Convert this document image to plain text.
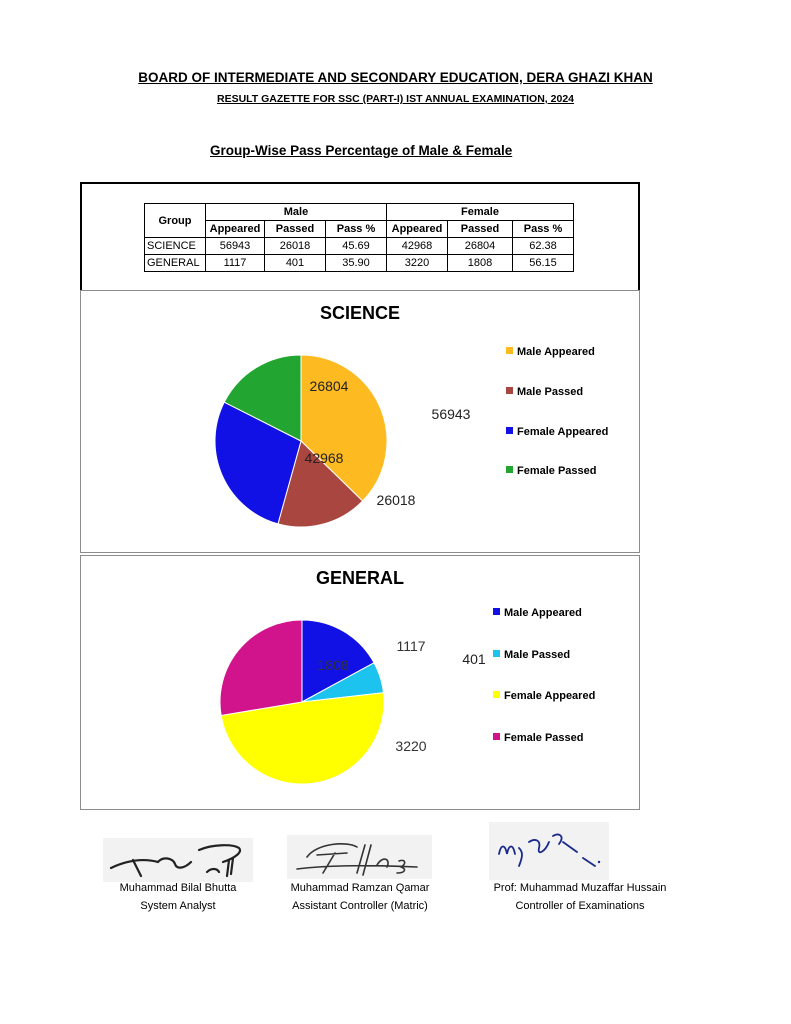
BOARD OF INTERMEDIATE AND SECONDARY EDUCATION, DERA GHAZI KHAN
RESULT GAZETTE FOR SSC (PART-I) IST ANNUAL EXAMINATION, 2024
Group-Wise Pass Percentage of Male & Female
Group	Male			Female		
	Appeared	Passed	Pass %	Appeared	Passed	Pass %
SCIENCE	56943	26018	45.69	42968	26804	62.38
GENERAL	1117	401	35.90	3220	1808	56.15
SCIENCE
56943
26018
42968
26804
Male Appeared
Male Passed
Female Appeared
Female Passed
GENERAL
1117
401
3220
1808
Male Appeared
Male Passed
Female Appeared
Female Passed
Muhammad Bilal Bhutta
System Analyst
Muhammad Ramzan Qamar
Assistant Controller (Matric)
Prof: Muhammad Muzaffar Hussain
Controller of Examinations
